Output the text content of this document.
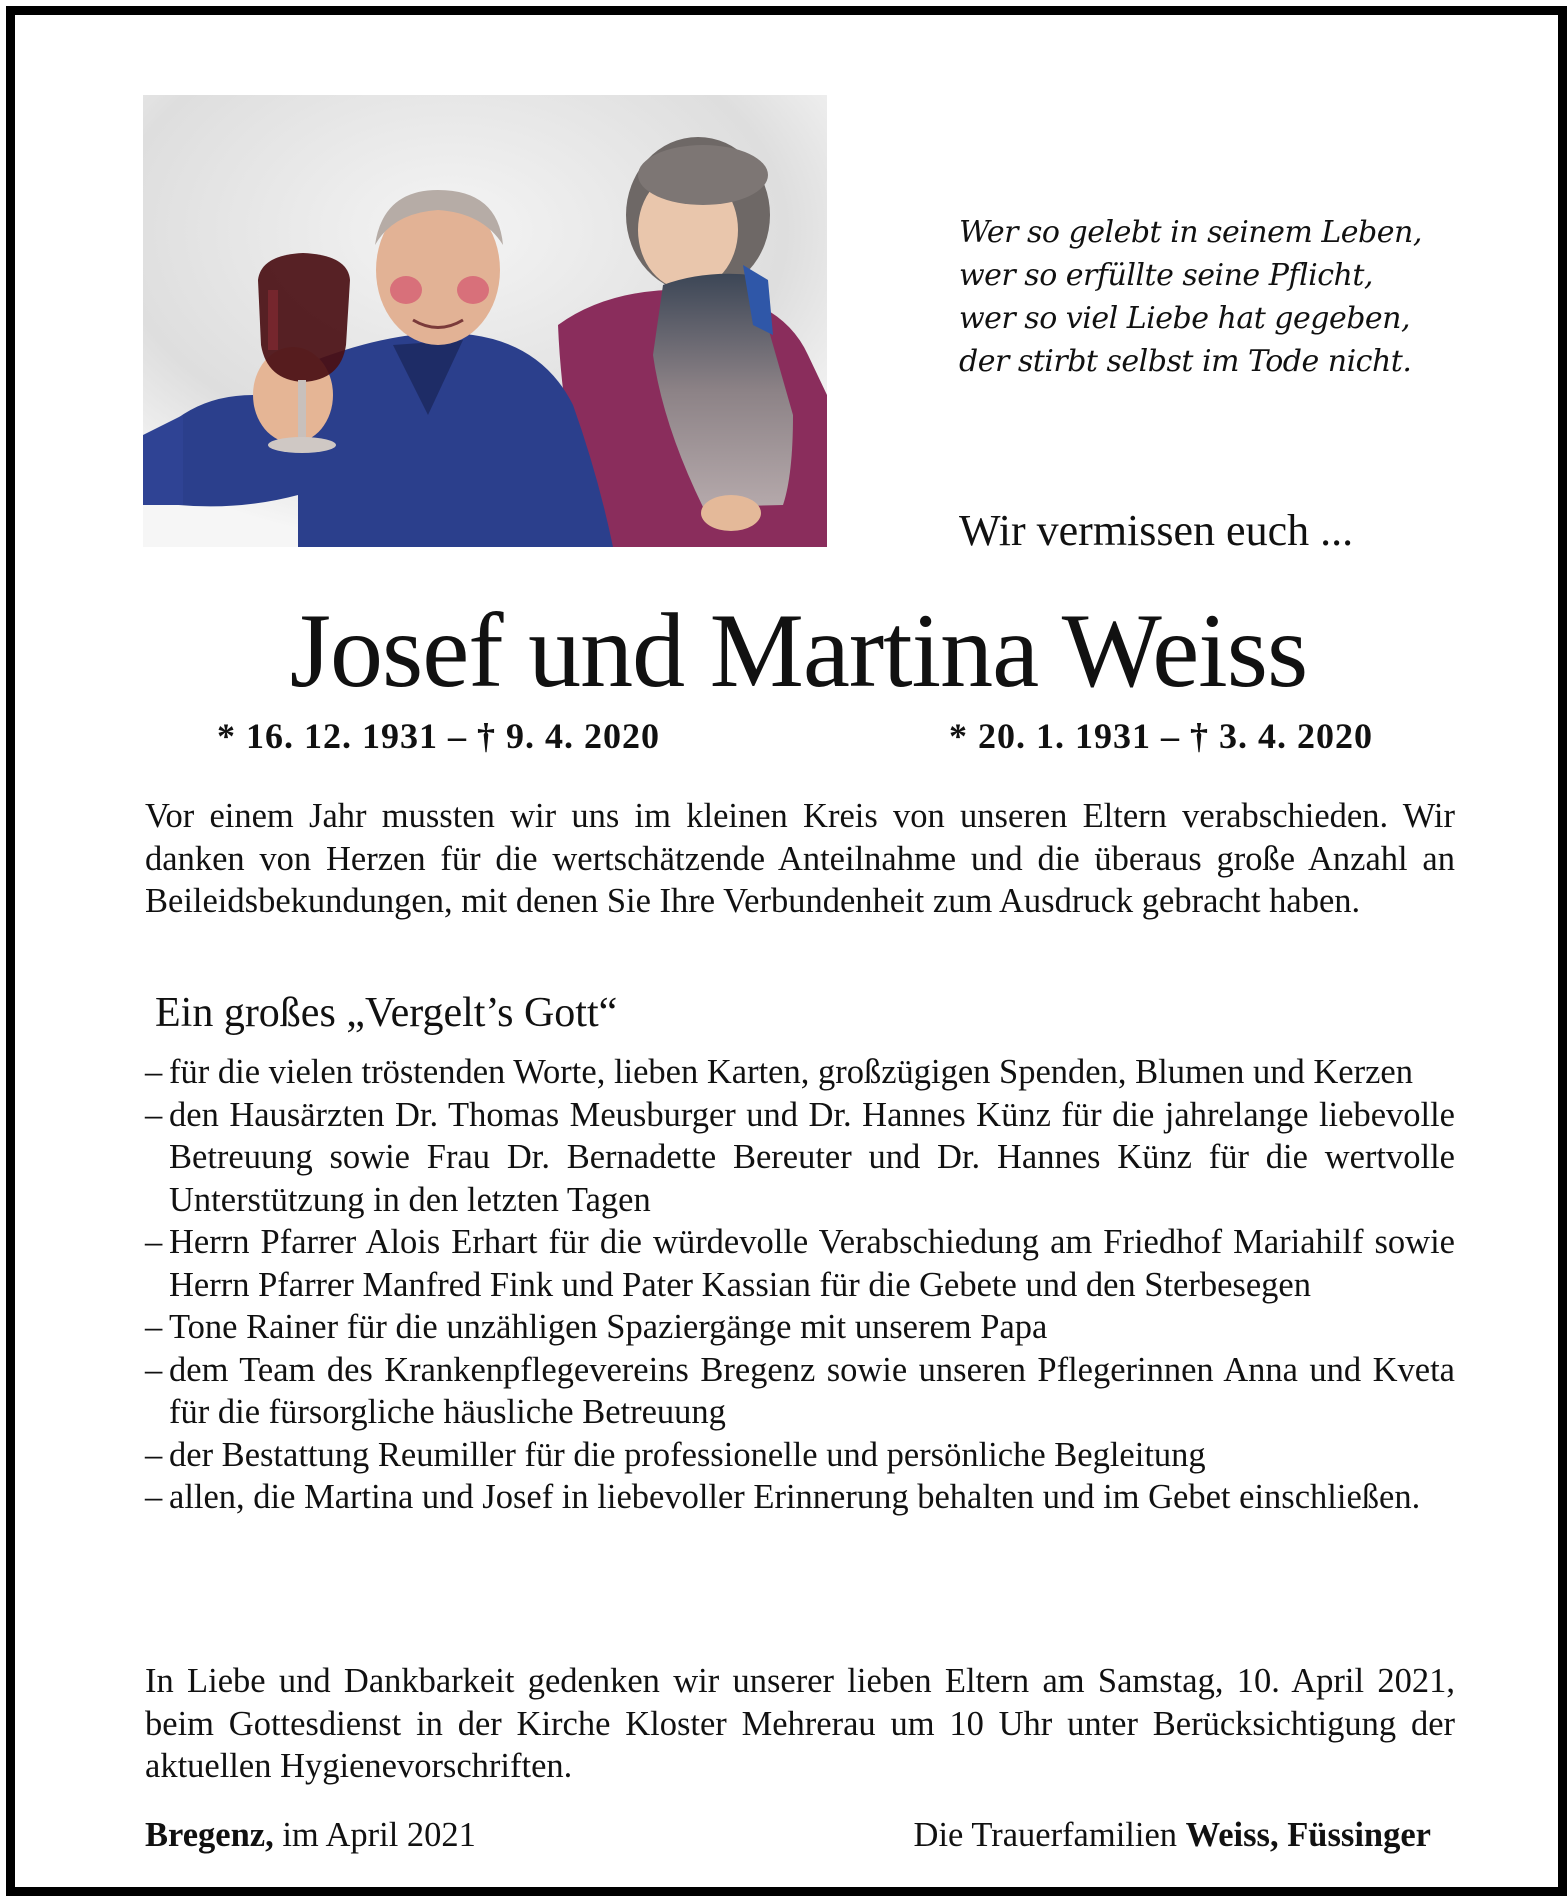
Wer so gelebt in seinem Leben,
wer so erfüllte seine Pflicht,
wer so viel Liebe hat gegeben,
der stirbt selbst im Tode nicht.
Wir vermissen euch ...
Josef und Martina Weiss
* 16. 12. 1931 – † 9. 4. 2020	* 20. 1. 1931 – † 3. 4. 2020
Vor einem Jahr mussten wir uns im kleinen Kreis von unseren Eltern verabschieden. Wir danken von Herzen für die wertschätzende Anteilnahme und die überaus große Anzahl an Beileidsbekundungen, mit denen Sie Ihre Verbundenheit zum Ausdruck gebracht haben.
Ein großes „Vergelt’s Gott“
– für die vielen tröstenden Worte, lieben Karten, großzügigen Spenden, Blumen und Kerzen
– den Hausärzten Dr. Thomas Meusburger und Dr. Hannes Künz für die jahrelange liebevolle Betreuung sowie Frau Dr. Bernadette Bereuter und Dr. Hannes Künz für die wertvolle Unterstützung in den letzten Tagen
– Herrn Pfarrer Alois Erhart für die würdevolle Verabschiedung am Friedhof Mariahilf sowie Herrn Pfarrer Manfred Fink und Pater Kassian für die Gebete und den Sterbesegen
– Tone Rainer für die unzähligen Spaziergänge mit unserem Papa
– dem Team des Krankenpflegevereins Bregenz sowie unseren Pflegerinnen Anna und Kveta für die fürsorgliche häusliche Betreuung
– der Bestattung Reumiller für die professionelle und persönliche Begleitung
– allen, die Martina und Josef in liebevoller Erinnerung behalten und im Gebet einschließen.
In Liebe und Dankbarkeit gedenken wir unserer lieben Eltern am Samstag, 10. April 2021, beim Gottesdienst in der Kirche Kloster Mehrerau um 10 Uhr unter Berücksichtigung der aktuellen Hygienevorschriften.
Bregenz, im April 2021	Die Trauerfamilien Weiss, Füssinger
